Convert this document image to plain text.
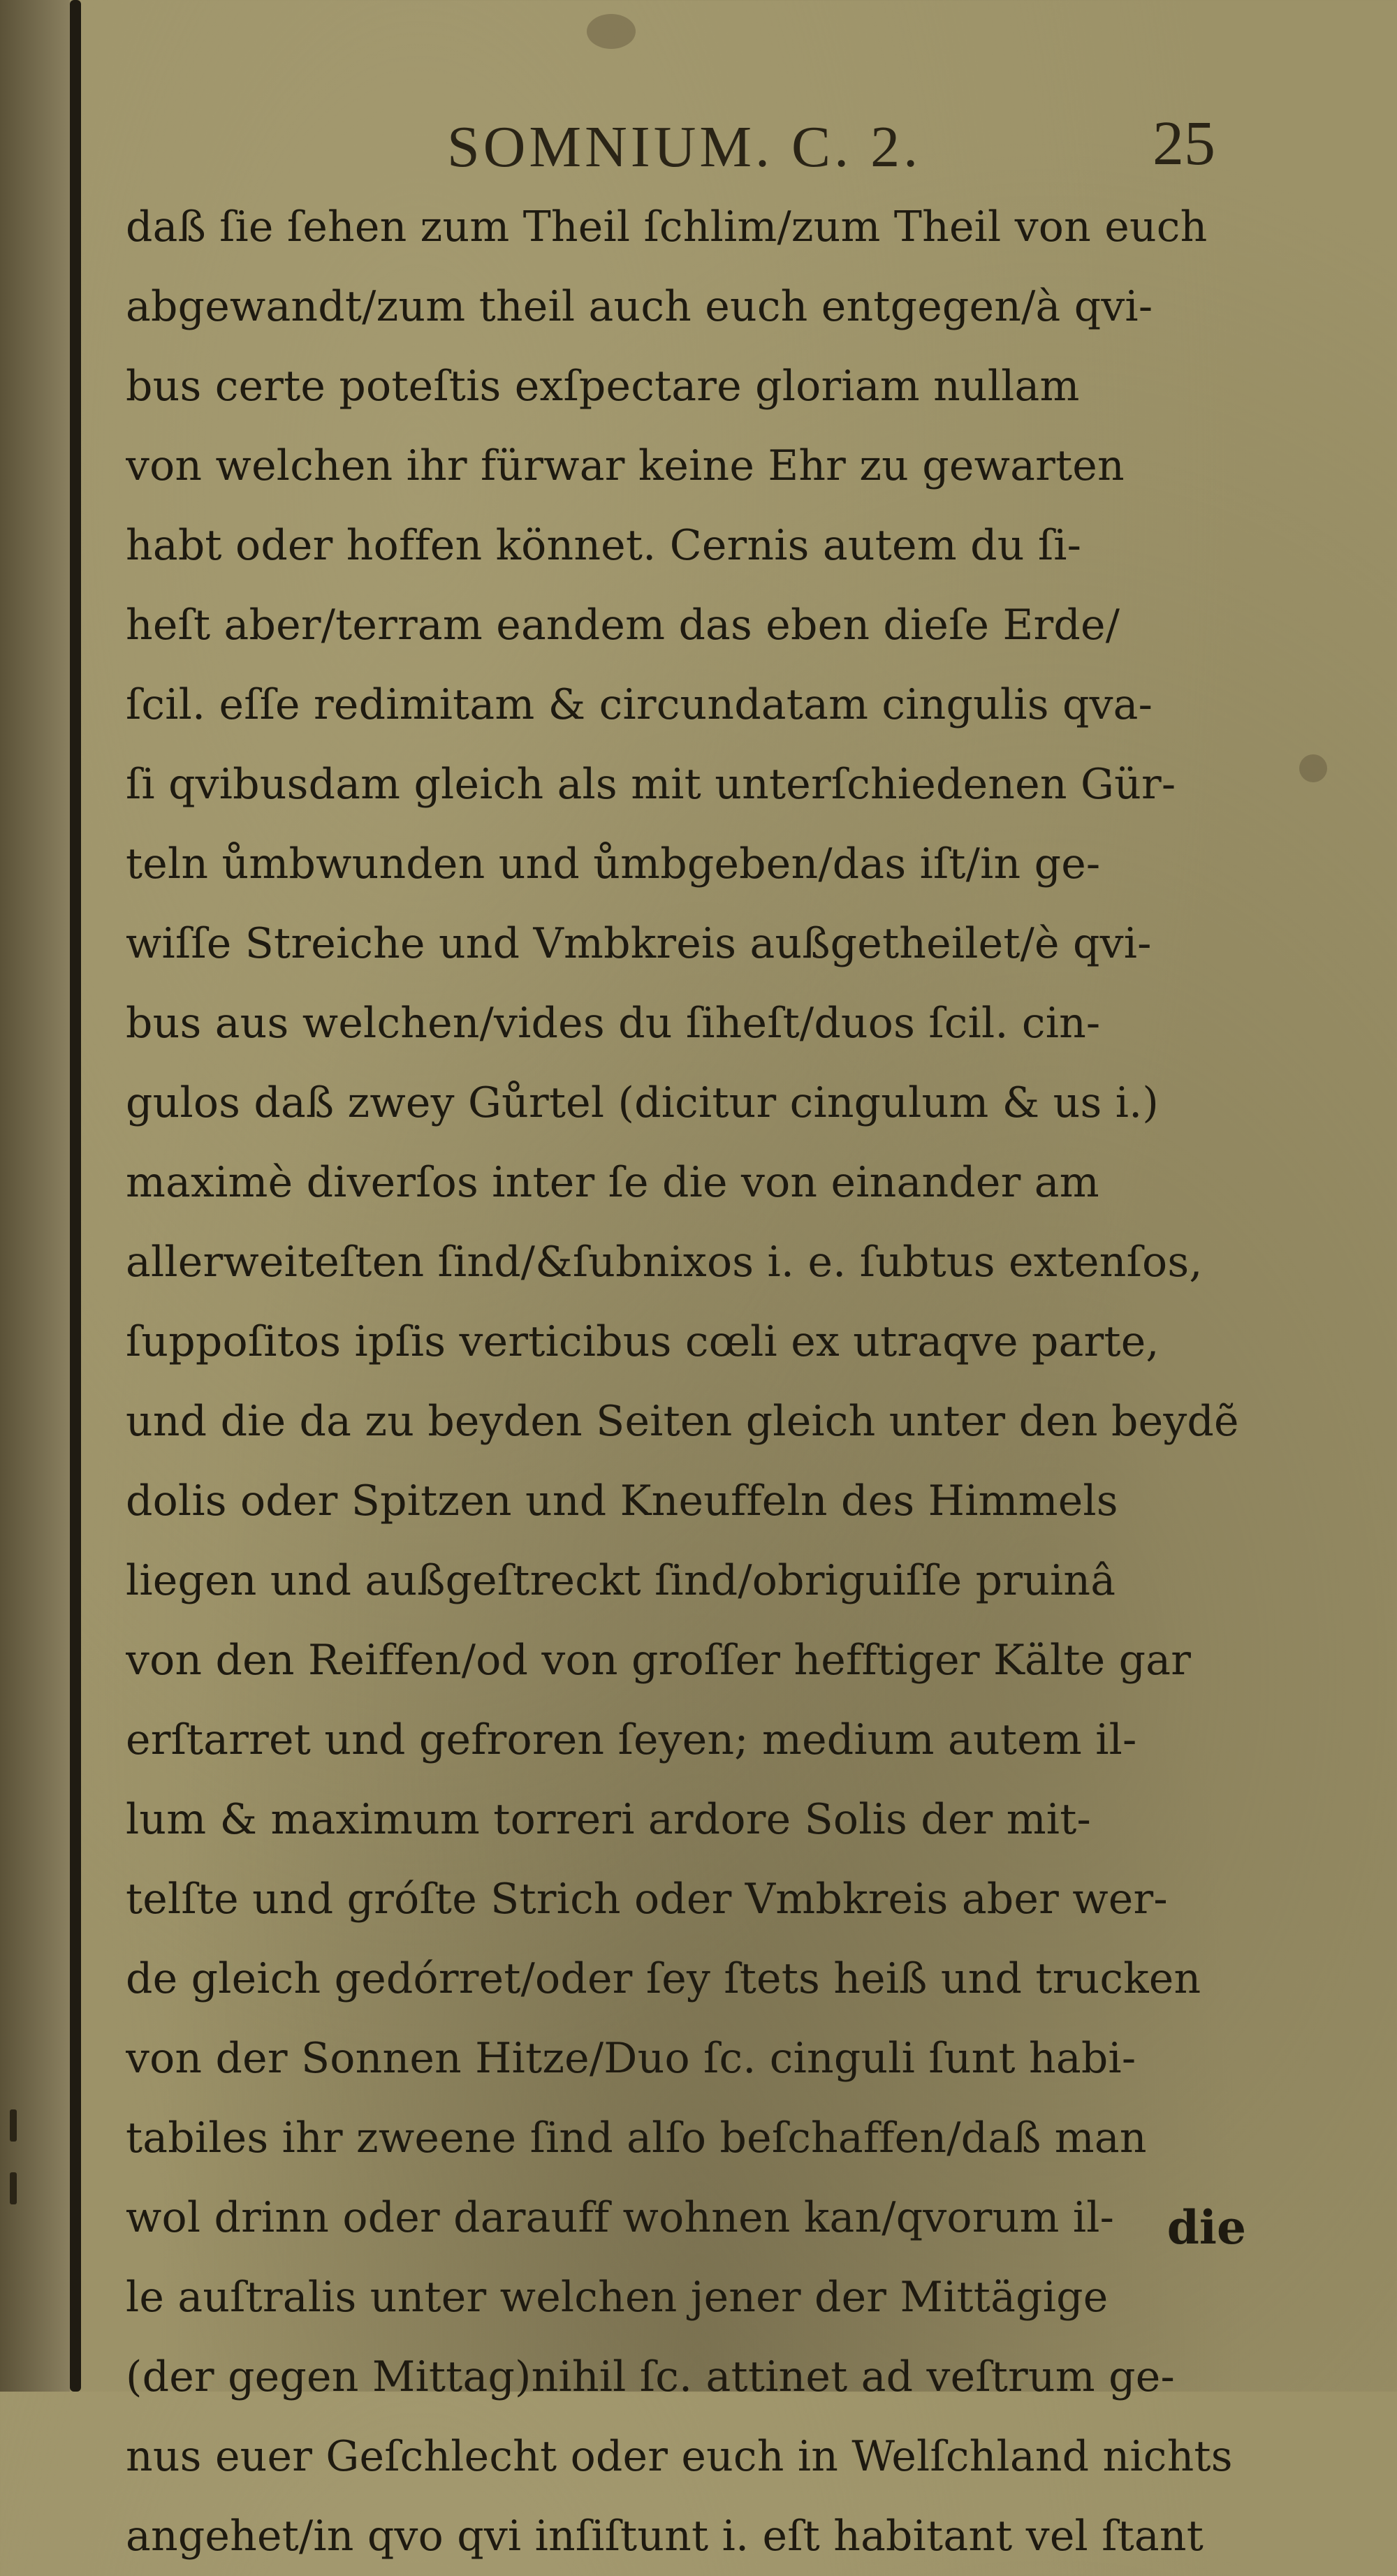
SOMNIUM. C. 2.	25
daß ſie ſehen zum Theil ſchlim/zum Theil von euch
abgewandt/zum theil auch euch entgegen/à qvi-
bus certe poteſtis exſpectare gloriam nullam
von welchen ihr fürwar keine Ehr zu gewarten
habt oder hoffen könnet. Cernis autem du ſi-
heſt aber/terram eandem das eben dieſe Erde/
ſcil. eſſe redimitam & circundatam cingulis qva-
ſi qvibusdam gleich als mit unterſchiedenen Gür-
teln ůmbwunden und ůmbgeben/das iſt/in ge-
wiſſe Streiche und Vmbkreis außgetheilet/è qvi-
bus aus welchen/vides du ſiheſt/duos ſcil. cin-
gulos daß zwey Gůrtel (dicitur cingulum & us i.)
maximè diverſos inter ſe die von einander am
allerweiteſten ſind/&ſubnixos i. e. ſubtus extenſos,
ſuppoſitos ipſis verticibus cœli ex utraqve parte,
und die da zu beyden Seiten gleich unter den beydẽ
dolis oder Spitzen und Kneuffeln des Himmels
liegen und außgeſtreckt ſind/obriguiſſe pruinâ
von den Reiffen/od von groſſer hefftiger Kälte gar
erſtarret und gefroren ſeyen; medium autem il-
lum & maximum torreri ardore Solis der mit-
telſte und gróſte Strich oder Vmbkreis aber wer-
de gleich gedórret/oder ſey ſtets heiß und trucken
von der Sonnen Hitze/Duo ſc. cinguli ſunt habi-
tabiles ihr zweene ſind alſo beſchaffen/daß man
wol drinn oder darauff wohnen kan/qvorum il-
le auſtralis unter welchen jener der Mittägige
(der gegen Mittag)nihil ſc. attinet ad veſtrum ge-
nus euer Geſchlecht oder euch in Welſchland nichts
angehet/in qvo qvi inſiſtunt i. eſt habitant vel ſtant
die
